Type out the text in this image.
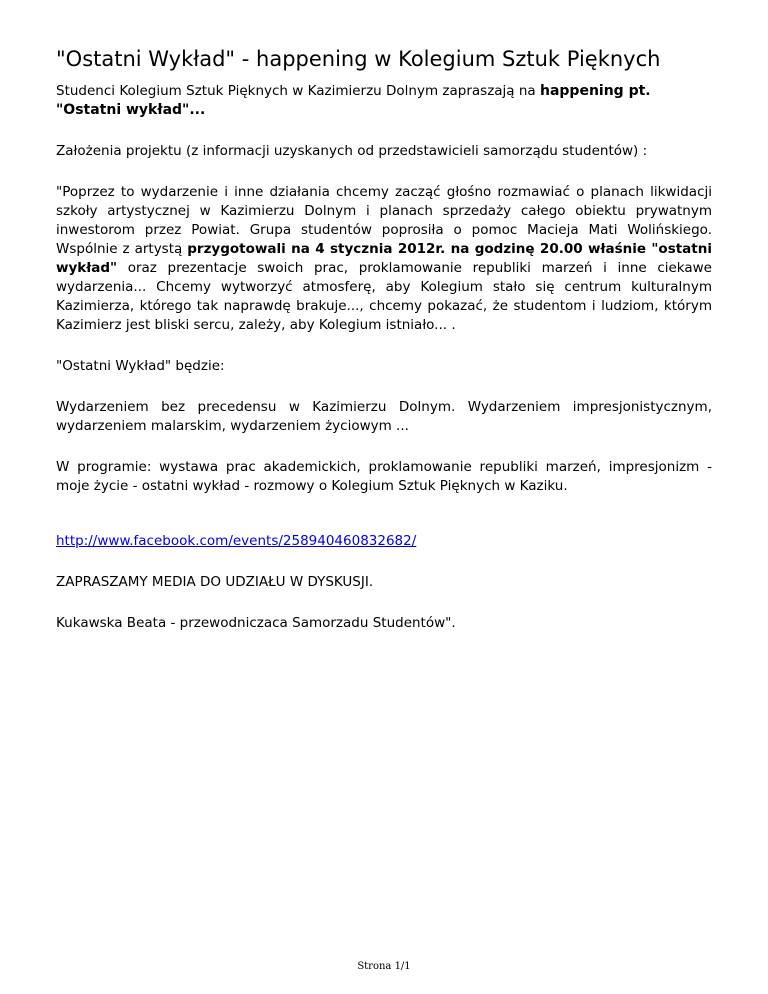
"Ostatni Wykład" - happening w Kolegium Sztuk Pięknych

Studenci Kolegium Sztuk Pięknych w Kazimierzu Dolnym zapraszają na happening pt. "Ostatni wykład"...

Założenia projektu (z informacji uzyskanych od przedstawicieli samorządu studentów) :

"Poprzez to wydarzenie i inne działania chcemy zacząć głośno rozmawiać o planach likwidacji szkoły artystycznej w Kazimierzu Dolnym i planach sprzedaży całego obiektu prywatnym inwestorom przez Powiat. Grupa studentów poprosiła o pomoc Macieja Mati Wolińskiego. Wspólnie z artystą przygotowali na 4 stycznia 2012r. na godzinę 20.00 właśnie "ostatni wykład" oraz prezentacje swoich prac, proklamowanie republiki marzeń i inne ciekawe wydarzenia... Chcemy wytworzyć atmosferę, aby Kolegium stało się centrum kulturalnym Kazimierza, którego tak naprawdę brakuje..., chcemy pokazać, że studentom i ludziom, którym Kazimierz jest bliski sercu, zależy, aby Kolegium istniało... .

"Ostatni Wykład" będzie:

Wydarzeniem bez precedensu w Kazimierzu Dolnym. Wydarzeniem impresjonistycznym, wydarzeniem malarskim, wydarzeniem życiowym ...

W programie: wystawa prac akademickich, proklamowanie republiki marzeń, impresjonizm - moje życie - ostatni wykład - rozmowy o Kolegium Sztuk Pięknych w Kaziku.

http://www.facebook.com/events/258940460832682/

ZAPRASZAMY MEDIA DO UDZIAŁU W DYSKUSJI.

Kukawska Beata - przewodniczaca Samorzadu Studentów".

Strona 1/1
